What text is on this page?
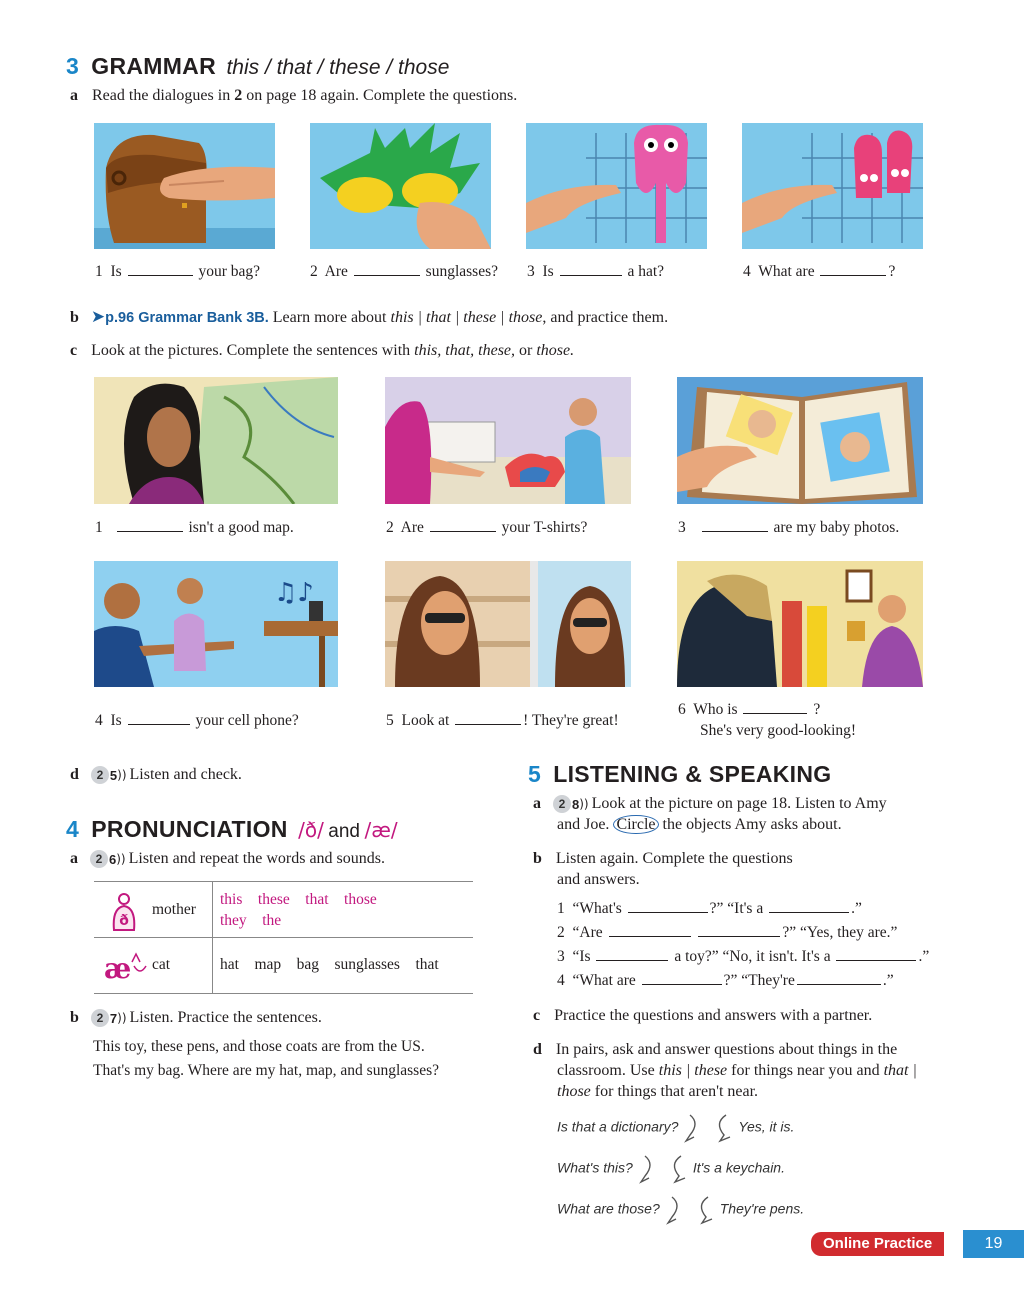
3 GRAMMAR this / that / these / those
a Read the dialogues in 2 on page 18 again. Complete the questions.
1 Is	your bag?	2 Are	sunglasses? 3 Is	a hat?	4 What are	?
b ➤p.96 Grammar Bank 3B. Learn more about this | that | these | those, and practice them.
c Look at the pictures. Complete the sentences with this, that, these, or those.
1	isn't a good map.	2 Are	your T-shirts?	3	are my baby photos.
♫♪
4 Is	your cell phone?	5 Look at	! They're great!
6 Who is	?
She's very good-looking!
d 2 5)) Listen and check.
4 PRONUNCIATION /ð/ and /æ/
a 2 6)) Listen and repeat the words and sounds.
ð
mother
this these that those
they the
æ cat	hat map bag sunglasses that
b 2 7)) Listen. Practice the sentences.
This toy, these pens, and those coats are from the US.
That's my bag. Where are my hat, map, and sunglasses?
5 LISTENING & SPEAKING
a 2 8)) Look at the picture on page 18. Listen to Amy
and Joe. Circle the objects Amy asks about.
b Listen again. Complete the questions
and answers.
1 “What's	?” “It's a	.”
2 “Are	?” “Yes, they are.”
3 “Is	a toy?” “No, it isn't. It's a	.”
4 “What are	?” “They're	.”
c Practice the questions and answers with a partner.
d In pairs, ask and answer questions about things in the
classroom. Use this | these for things near you and that |
those for things that aren't near.
Is that a dictionary?	Yes, it is.
What's this?	It's a keychain.
What are those?	They're pens.
Online Practice	19
